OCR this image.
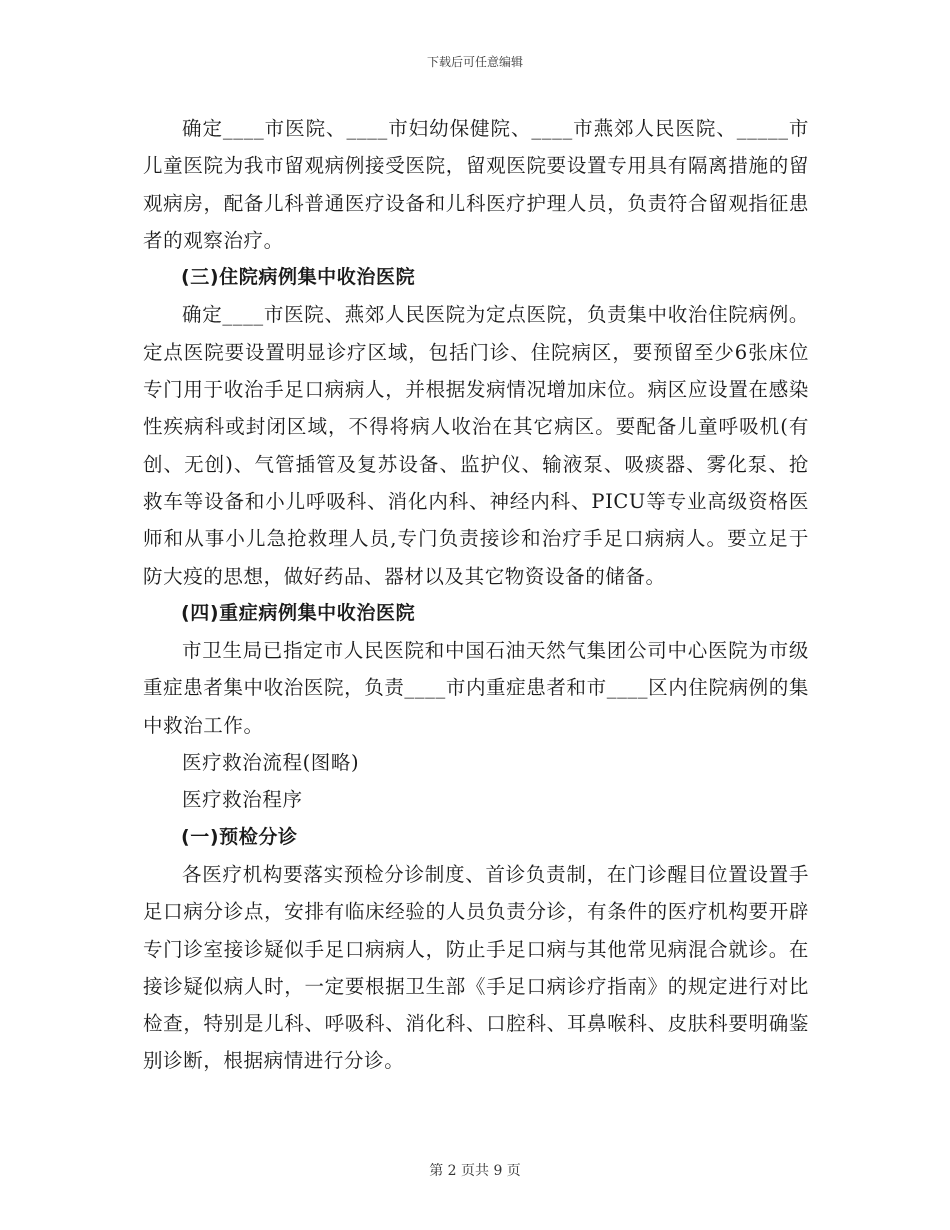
下载后可任意编辑

确定____市医院、____市妇幼保健院、____市燕郊人民医院、_____市儿童医院为我市留观病例接受医院，留观医院要设置专用具有隔离措施的留观病房，配备儿科普通医疗设备和儿科医疗护理人员，负责符合留观指征患者的观察治疗。

(三)住院病例集中收治医院

确定____市医院、燕郊人民医院为定点医院，负责集中收治住院病例。定点医院要设置明显诊疗区域，包括门诊、住院病区，要预留至少6张床位专门用于收治手足口病病人，并根据发病情况增加床位。病区应设置在感染性疾病科或封闭区域，不得将病人收治在其它病区。要配备儿童呼吸机(有创、无创)、气管插管及复苏设备、监护仪、输液泵、吸痰器、雾化泵、抢救车等设备和小儿呼吸科、消化内科、神经内科、PICU等专业高级资格医师和从事小儿急抢救理人员,专门负责接诊和治疗手足口病病人。要立足于防大疫的思想，做好药品、器材以及其它物资设备的储备。

(四)重症病例集中收治医院

市卫生局已指定市人民医院和中国石油天然气集团公司中心医院为市级重症患者集中收治医院，负责____市内重症患者和市____区内住院病例的集中救治工作。

医疗救治流程(图略)

医疗救治程序

(一)预检分诊

各医疗机构要落实预检分诊制度、首诊负责制，在门诊醒目位置设置手足口病分诊点，安排有临床经验的人员负责分诊，有条件的医疗机构要开辟专门诊室接诊疑似手足口病病人，防止手足口病与其他常见病混合就诊。在接诊疑似病人时，一定要根据卫生部《手足口病诊疗指南》的规定进行对比检查，特别是儿科、呼吸科、消化科、口腔科、耳鼻喉科、皮肤科要明确鉴别诊断，根据病情进行分诊。

第 2 页共 9 页
